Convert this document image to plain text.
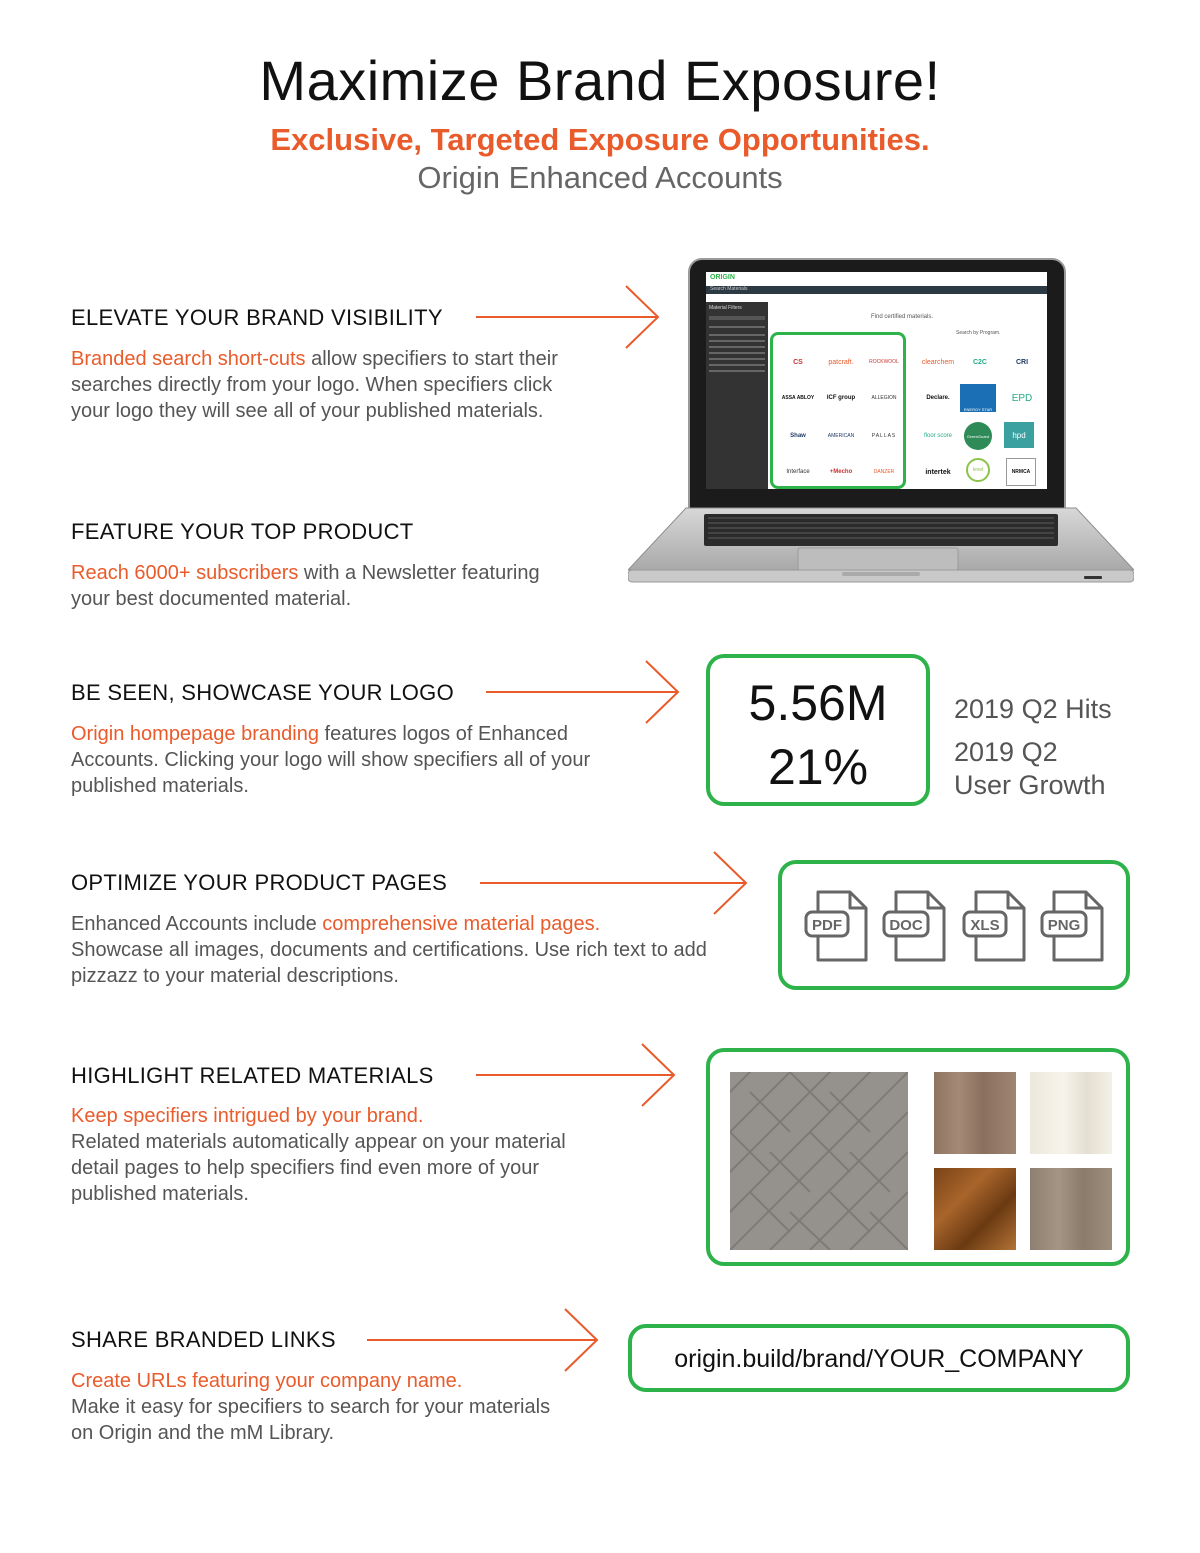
Maximize Brand Exposure!
Exclusive, Targeted Exposure Opportunities.
Origin Enhanced Accounts
ELEVATE YOUR BRAND VISIBILITY
Branded search short-cuts allow specifiers to start their searches directly from your logo. When specifiers click your logo they will see all of your published materials.
ORIGIN
Search Materials
Material Filters
Find certified materials.
Search by Program.
CS	patcraft.	ROCKWOOL
ASSA ABLOY	ICF group	ALLEGION
Shaw	AMERICAN	PALLAS
Interface	+Mecho	DANZER
clearchem	C2C	CRI
Declare.
ENERGY STAR
EPD
floor score	GreenGuard	hpd
intertek	level	NRMCA
FEATURE YOUR TOP PRODUCT
Reach 6000+ subscribers with a Newsletter featuring your best documented material.
BE SEEN, SHOWCASE YOUR LOGO
Origin hompepage branding features logos of Enhanced Accounts. Clicking your logo will show specifiers all of your published materials.
5.56M
21%
2019 Q2 Hits
2019 Q2
User Growth
OPTIMIZE YOUR PRODUCT PAGES
Enhanced Accounts include comprehensive material pages.
Showcase all images, documents and certifications. Use rich text to add pizzazz to your material descriptions.
PDF	DOC	XLS	PNG
HIGHLIGHT RELATED MATERIALS
Keep specifiers intrigued by your brand.
Related materials automatically appear on your material detail pages to help specifiers find even more of your published materials.
SHARE BRANDED LINKS
Create URLs featuring your company name.
Make it easy for specifiers to search for your materials on Origin and the mM Library.
origin.build/brand/YOUR_COMPANY
